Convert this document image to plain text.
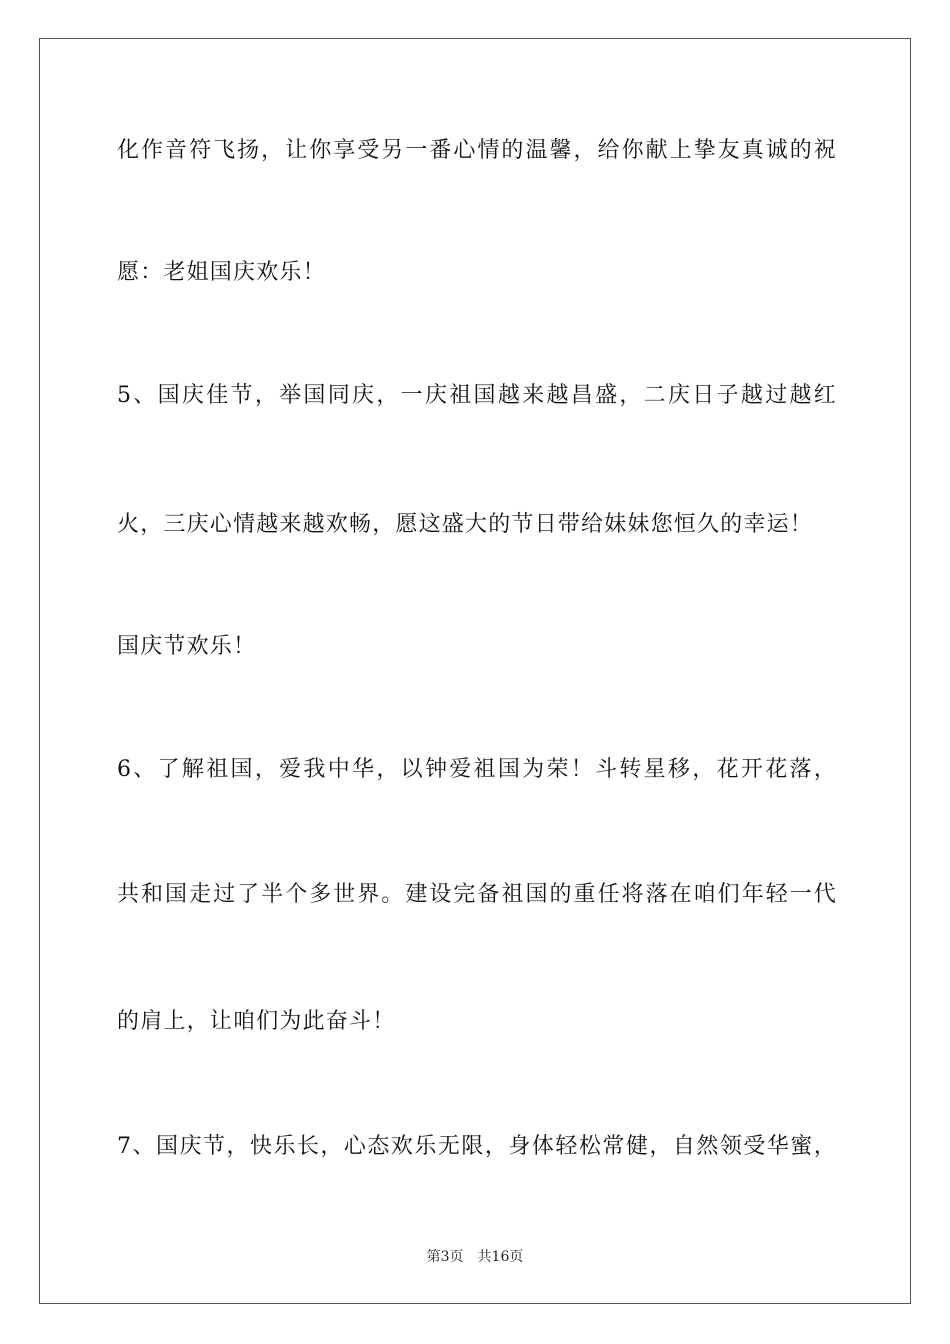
化作音符飞扬，让你享受另一番心情的温馨，给你献上挚友真诚的祝
愿：老姐国庆欢乐！
5、国庆佳节，举国同庆，一庆祖国越来越昌盛，二庆日子越过越红
火，三庆心情越来越欢畅，愿这盛大的节日带给妹妹您恒久的幸运！
国庆节欢乐！
6、了解祖国，爱我中华，以钟爱祖国为荣！斗转星移，花开花落，
共和国走过了半个多世界。建设完备祖国的重任将落在咱们年轻一代
的肩上，让咱们为此奋斗！
7、国庆节，快乐长，心态欢乐无限，身体轻松常健，自然领受华蜜，
第3页 共16页
